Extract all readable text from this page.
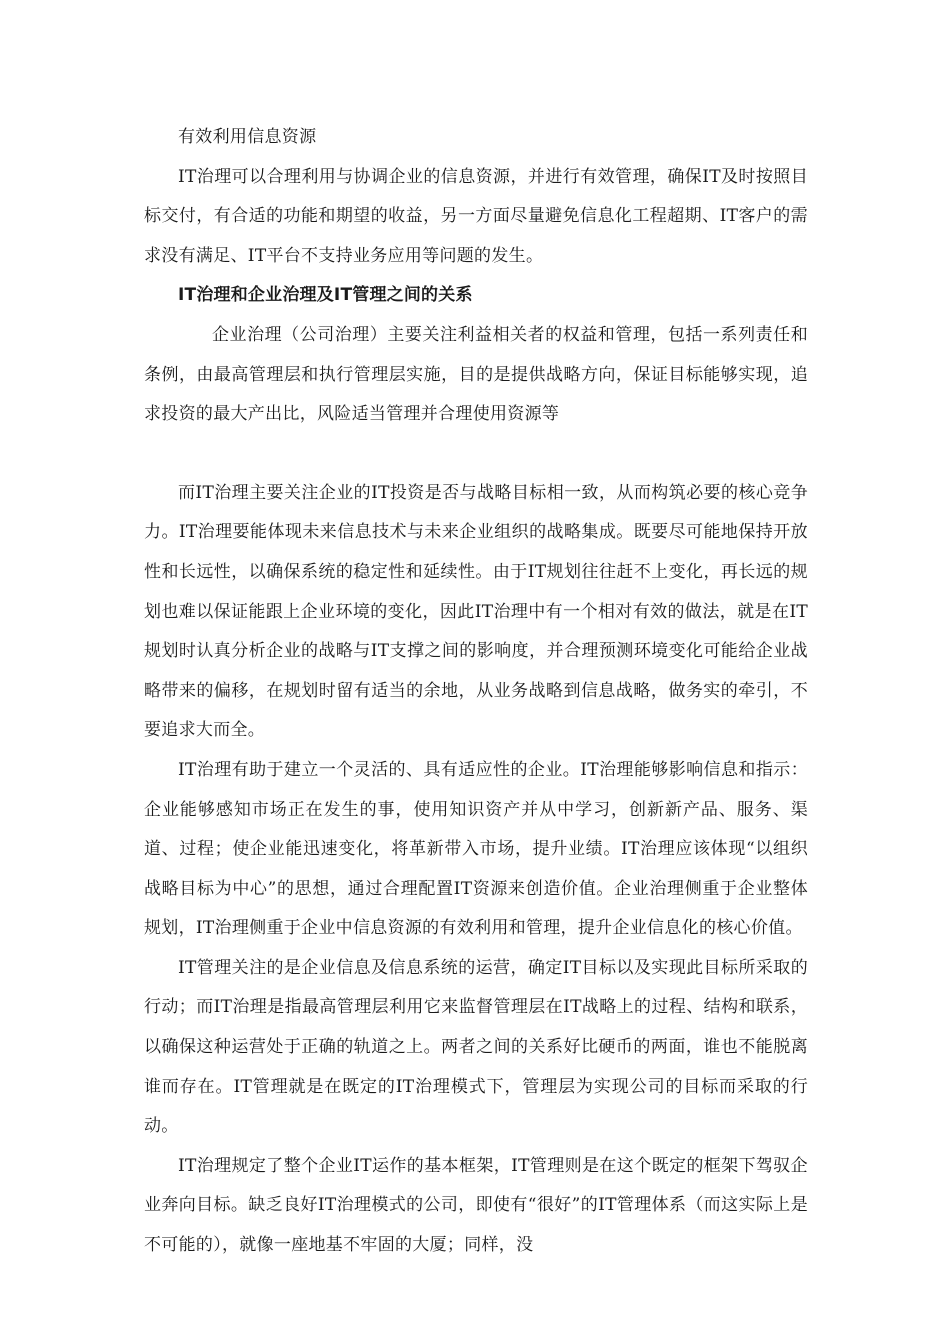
有效利用信息资源

IT治理可以合理利用与协调企业的信息资源，并进行有效管理，确保IT及时按照目标交付，有合适的功能和期望的收益，另一方面尽量避免信息化工程超期、IT客户的需求没有满足、IT平台不支持业务应用等问题的发生。

IT治理和企业治理及IT管理之间的关系

企业治理（公司治理）主要关注利益相关者的权益和管理，包括一系列责任和条例，由最高管理层和执行管理层实施，目的是提供战略方向，保证目标能够实现，追求投资的最大产出比，风险适当管理并合理使用资源等

而IT治理主要关注企业的IT投资是否与战略目标相一致，从而构筑必要的核心竞争力。IT治理要能体现未来信息技术与未来企业组织的战略集成。既要尽可能地保持开放性和长远性，以确保系统的稳定性和延续性。由于IT规划往往赶不上变化，再长远的规划也难以保证能跟上企业环境的变化，因此IT治理中有一个相对有效的做法，就是在IT规划时认真分析企业的战略与IT支撑之间的影响度，并合理预测环境变化可能给企业战略带来的偏移，在规划时留有适当的余地，从业务战略到信息战略，做务实的牵引，不要追求大而全。

IT治理有助于建立一个灵活的、具有适应性的企业。IT治理能够影响信息和指示：企业能够感知市场正在发生的事，使用知识资产并从中学习，创新新产品、服务、渠道、过程；使企业能迅速变化，将革新带入市场，提升业绩。IT治理应该体现“以组织战略目标为中心”的思想，通过合理配置IT资源来创造价值。企业治理侧重于企业整体规划，IT治理侧重于企业中信息资源的有效利用和管理，提升企业信息化的核心价值。

IT管理关注的是企业信息及信息系统的运营，确定IT目标以及实现此目标所采取的行动；而IT治理是指最高管理层利用它来监督管理层在IT战略上的过程、结构和联系，以确保这种运营处于正确的轨道之上。两者之间的关系好比硬币的两面，谁也不能脱离谁而存在。IT管理就是在既定的IT治理模式下，管理层为实现公司的目标而采取的行动。

IT治理规定了整个企业IT运作的基本框架，IT管理则是在这个既定的框架下驾驭企业奔向目标。缺乏良好IT治理模式的公司，即使有“很好”的IT管理体系（而这实际上是不可能的），就像一座地基不牢固的大厦；同样，没
